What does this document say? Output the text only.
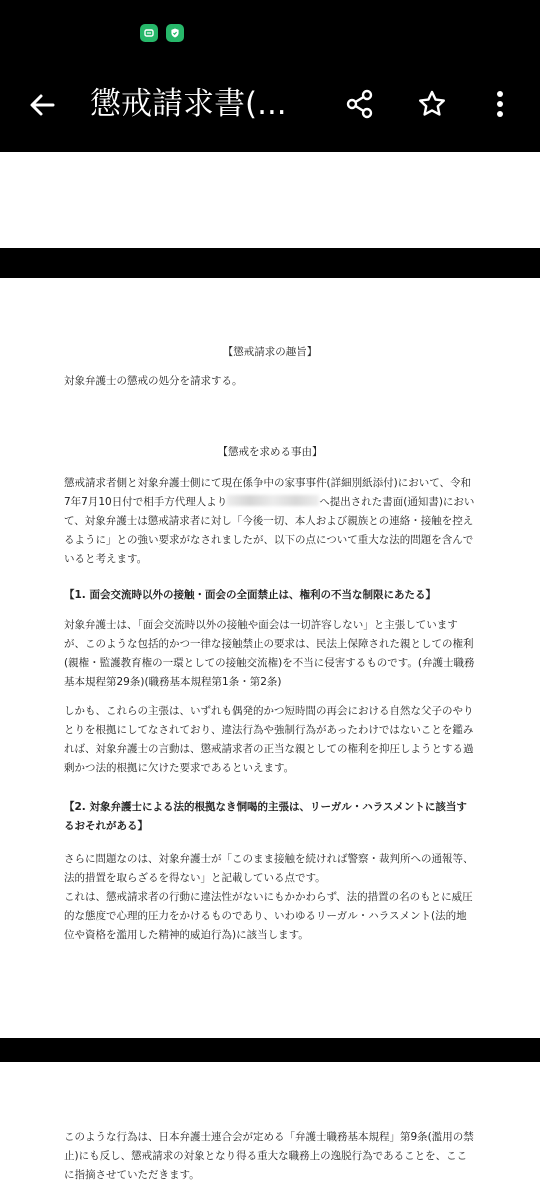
懲戒請求書(...
【懲戒請求の趣旨】

対象弁護士の懲戒の処分を請求する。

【懲戒を求める事由】

懲戒請求者側と対象弁護士側にて現在係争中の家事事件(詳細別紙添付)において、令和7年7月10日付で相手方代理人より	へ提出された書面(通知書)において、対象弁護士は懲戒請求者に対し「今後一切、本人および親族との連絡・接触を控えるように」との強い要求がなされましたが、以下の点について重大な法的問題を含んでいると考えます。

【1. 面会交流時以外の接触・面会の全面禁止は、権利の不当な制限にあたる】

対象弁護士は、「面会交流時以外の接触や面会は一切許容しない」と主張していますが、このような包括的かつ一律な接触禁止の要求は、民法上保障された親としての権利(親権・監護教育権の一環としての接触交流権)を不当に侵害するものです。(弁護士職務基本規程第29条)(職務基本規程第1条・第2条)

しかも、これらの主張は、いずれも偶発的かつ短時間の再会における自然な父子のやりとりを根拠にしてなされており、違法行為や強制行為があったわけではないことを鑑みれば、対象弁護士の言動は、懲戒請求者の正当な親としての権利を抑圧しようとする過剰かつ法的根拠に欠けた要求であるといえます。

【2. 対象弁護士による法的根拠なき恫喝的主張は、リーガル・ハラスメントに該当するおそれがある】

さらに問題なのは、対象弁護士が「このまま接触を続ければ警察・裁判所への通報等、法的措置を取らざるを得ない」と記載している点です。

これは、懲戒請求者の行動に違法性がないにもかかわらず、法的措置の名のもとに威圧的な態度で心理的圧力をかけるものであり、いわゆるリーガル・ハラスメント(法的地位や資格を濫用した精神的威迫行為)に該当します。

このような行為は、日本弁護士連合会が定める「弁護士職務基本規程」第9条(濫用の禁止)にも反し、懲戒請求の対象となり得る重大な職務上の逸脱行為であることを、ここに指摘させていただきます。
